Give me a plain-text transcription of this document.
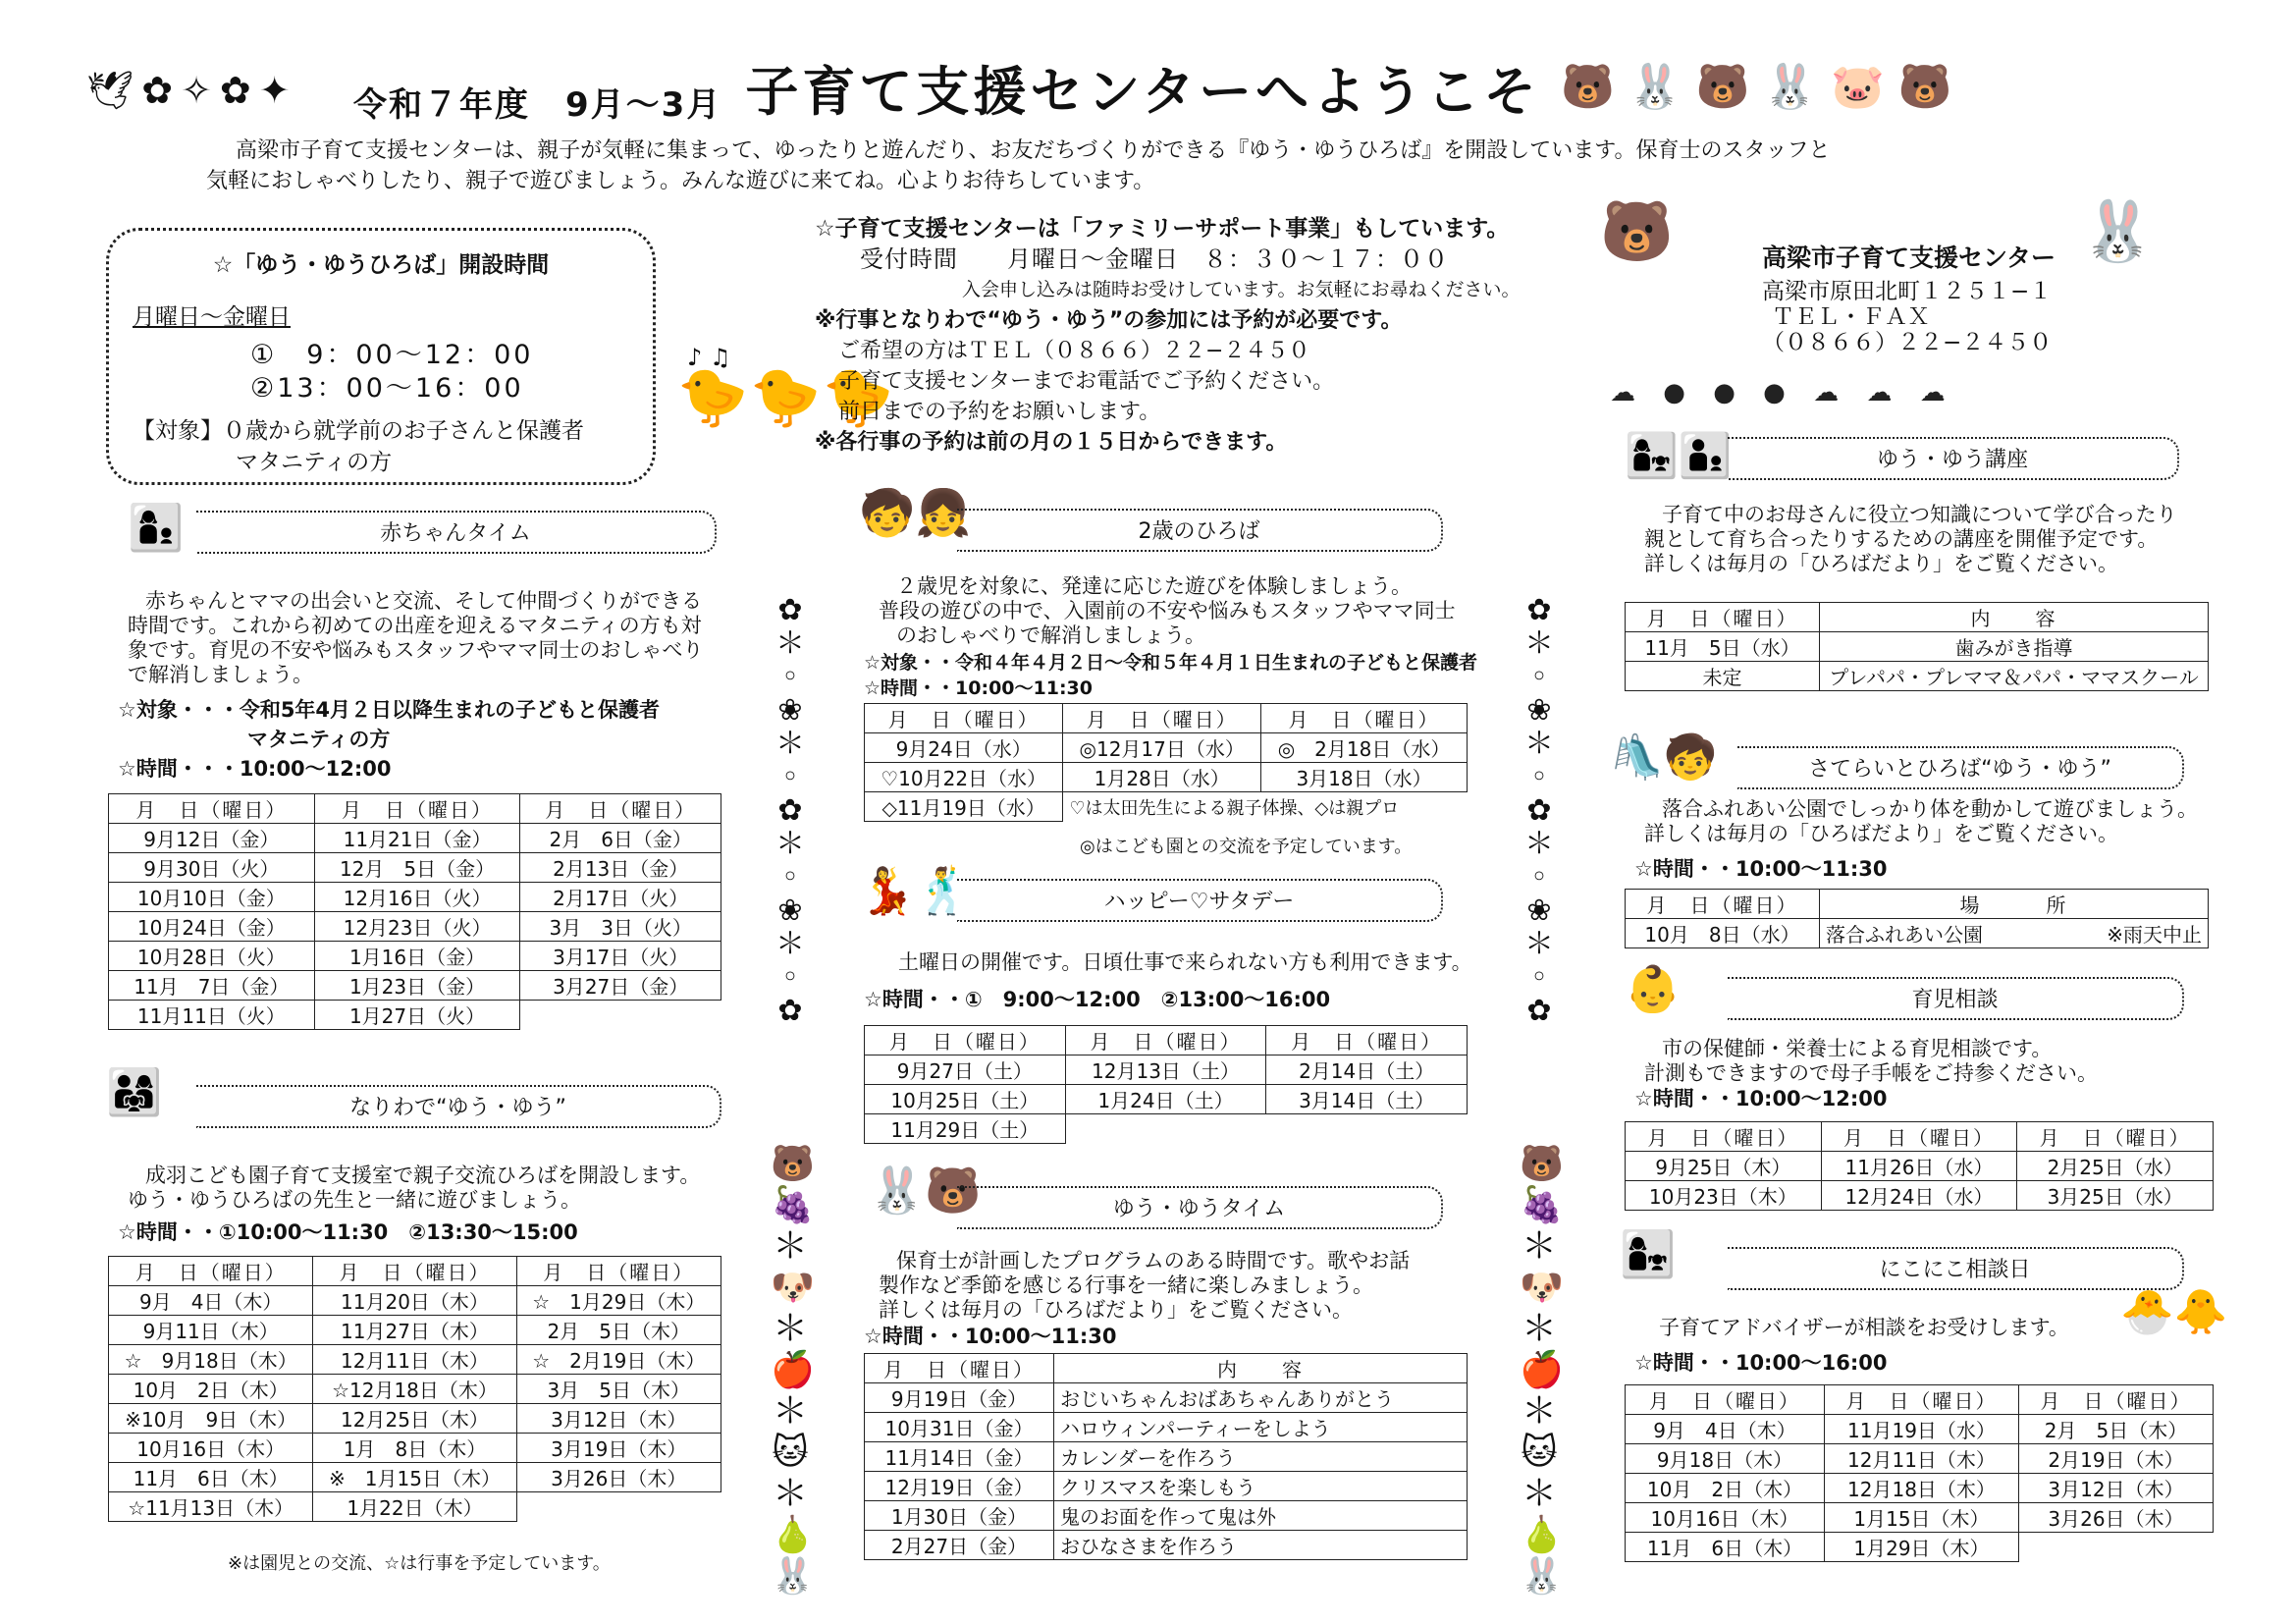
🕊✿✧✿✦ 令和７年度　9月〜3月 子育て支援センターへようこそ 🐻🐰🐻🐰🐷🐻

高梁市子育て支援センターは、親子が気軽に集まって、ゆったりと遊んだり、お友だちづくりができる『ゆう・ゆうひろば』を開設しています。保育士のスタッフと

気軽におしゃべりしたり、親子で遊びましょう。みんな遊びに来てね。心よりお待ちしています。

☆「ゆう・ゆうひろば」開設時間
月曜日〜金曜日
①　9：00〜12：00
②13：00〜16：00
【対象】０歳から就学前のお子さんと保護者
マタニティの方
🐤🐤🐤
♪ ♫
☆子育て支援センターは「ファミリーサポート事業」もしています。
受付時間　　月曜日〜金曜日　８：３０〜１７：００
入会申し込みは随時お受けしています。お気軽にお尋ねください。
※行事となりわで“ゆう・ゆう”の参加には予約が必要です。
ご希望の方はＴＥＬ（０８６６）２２−２４５０
子育て支援センターまでお電話でご予約ください。
前日までの予約をお願いします。
※各行事の予約は前の月の１５日からできます。
🐻	🐰
高梁市子育て支援センター
高梁市原田北町１２５１−１
ＴＥＬ・ＦＡＸ
（０８６６）２２−２４５０
☁ ● ● ● ☁ ☁ ☁
👩‍👦	赤ちゃんタイム
赤ちゃんとママの出会いと交流、そして仲間づくりができる
時間です。これから初めての出産を迎えるマタニティの方も対
象です。育児の不安や悩みもスタッフやママ同士のおしゃべり
で解消しましょう。
☆対象・・・令和5年4月２日以降生まれの子どもと保護者
マタニティの方
☆時間・・・10:00〜12:00
月　日（曜日）	月　日（曜日）	月　日（曜日）
9月12日（金）	11月21日（金）	2月　6日（金）
9月30日（火）	12月　5日（金）	2月13日（金）
10月10日（金）	12月16日（火）	2月17日（火）
10月24日（金）	12月23日（火）	3月　3日（火）
10月28日（火）	1月16日（金）	3月17日（火）
11月　7日（金）	1月23日（金）	3月27日（金）
11月11日（火）	1月27日（火）	
👨‍👩‍👧	なりわで“ゆう・ゆう”
成羽こども園子育て支援室で親子交流ひろばを開設します。
ゆう・ゆうひろばの先生と一緒に遊びましょう。
☆時間・・①10:00〜11:30　②13:30〜15:00
月　日（曜日）	月　日（曜日）	月　日（曜日）
9月　4日（木）	11月20日（木）	☆　1月29日（木）
9月11日（木）	11月27日（木）	2月　5日（木）
☆　9月18日（木）	12月11日（木）	☆　2月19日（木）
10月　2日（木）	☆12月18日（木）	3月　5日（木）
※10月　9日（木）	12月25日（木）	3月12日（木）
10月16日（木）	1月　8日（木）	3月19日（木）
11月　6日（木）	※　1月15日（木）	3月26日（木）
☆11月13日（木）	1月22日（木）	
※は園児との交流、☆は行事を予定しています。
✿
＊
◦
❀
＊
◦
✿
＊
◦
❀
＊
◦
✿
✿
＊
◦
❀
＊
◦
✿
＊
◦
❀
＊
◦
✿
🐻
🍇
＊
🐶
＊
🍎
＊
🐱
＊
🍐
🐰
🐻
🍇
＊
🐶
＊
🍎
＊
🐱
＊
🍐
🐰
🧒👧	2歳のひろば
２歳児を対象に、発達に応じた遊びを体験しましょう。
普段の遊びの中で、入園前の不安や悩みもスタッフやママ同士
のおしゃべりで解消しましょう。
☆対象・・令和４年４月２日〜令和５年４月１日生まれの子どもと保護者
☆時間・・10:00〜11:30
月　日（曜日）	月　日（曜日）	月　日（曜日）
9月24日（水）	◎12月17日（水）	◎　2月18日（水）
♡10月22日（水）	1月28日（水）	3月18日（水）
◇11月19日（水）	♡は太田先生による親子体操、◇は親プロ	
◎はこども園との交流を予定しています。
💃🕺	ハッピー♡サタデー
土曜日の開催です。日頃仕事で来られない方も利用できます。
☆時間・・①　9:00〜12:00　②13:00〜16:00
月　日（曜日）	月　日（曜日）	月　日（曜日）
9月27日（土）	12月13日（土）	2月14日（土）
10月25日（土）	1月24日（土）	3月14日（土）
11月29日（土）		
🐰🐻	ゆう・ゆうタイム
保育士が計画したプログラムのある時間です。歌やお話
製作など季節を感じる行事を一緒に楽しみましょう。
詳しくは毎月の「ひろばだより」をご覧ください。
☆時間・・10:00〜11:30
月　日（曜日）	内　　容
9月19日（金）	おじいちゃんおばあちゃんありがとう
10月31日（金）	ハロウィンパーティーをしよう
11月14日（金）	カレンダーを作ろう
12月19日（金）	クリスマスを楽しもう
1月30日（金）	鬼のお面を作って鬼は外
2月27日（金）	おひなさまを作ろう
👩‍👧👨‍👦	ゆう・ゆう講座
子育て中のお母さんに役立つ知識について学び合ったり
親として育ち合ったりするための講座を開催予定です。
詳しくは毎月の「ひろばだより」をご覧ください。
月　日（曜日）	内　　容
11月　5日（水）	歯みがき指導
未定	プレパパ・プレママ＆パパ・ママスクール
🛝🧒	さてらいとひろば“ゆう・ゆう”
落合ふれあい公園でしっかり体を動かして遊びましょう。
詳しくは毎月の「ひろばだより」をご覧ください。
☆時間・・10:00〜11:30
月　日（曜日）	場　　　所	
10月　8日（水）	落合ふれあい公園	※雨天中止
👶	育児相談
市の保健師・栄養士による育児相談です。
計測もできますので母子手帳をご持参ください。
☆時間・・10:00〜12:00
月　日（曜日）	月　日（曜日）	月　日（曜日）
9月25日（木）	11月26日（水）	2月25日（水）
10月23日（木）	12月24日（水）	3月25日（水）
👩‍👧	にこにこ相談日
🐣🐥
子育てアドバイザーが相談をお受けします。
☆時間・・10:00〜16:00
月　日（曜日）	月　日（曜日）	月　日（曜日）
9月　4日（木）	11月19日（水）	2月　5日（木）
9月18日（木）	12月11日（木）	2月19日（木）
10月　2日（木）	12月18日（木）	3月12日（木）
10月16日（木）	1月15日（木）	3月26日（木）
11月　6日（木）	1月29日（木）	
